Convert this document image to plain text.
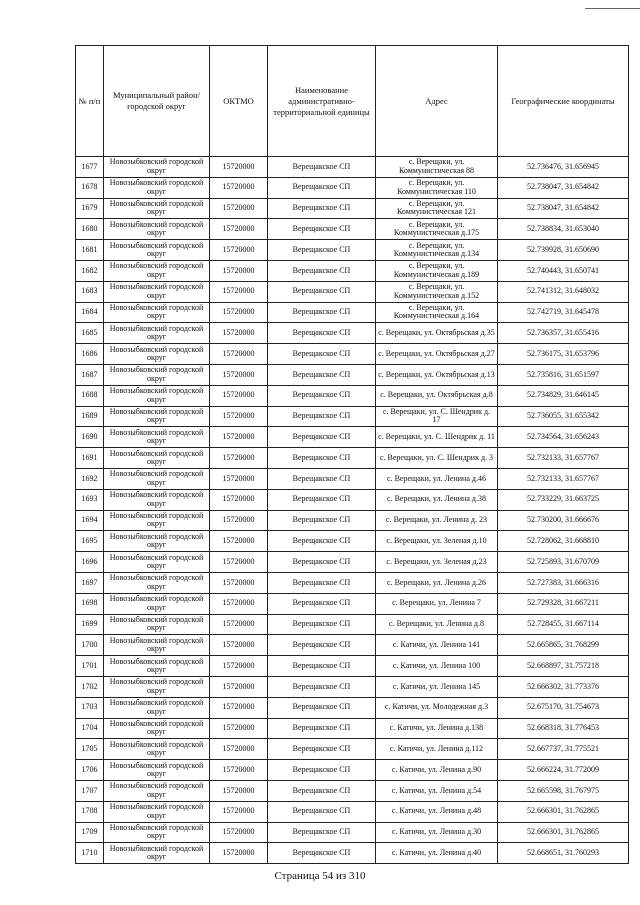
№ п/п	Муниципальный район/городской округ	ОКТМО	Наименование административно-территориальной единицы	Адрес	Географические координаты
1677	Новозыбковский городской округ	15720000	Верещакское СП	с. Верещаки, ул. Коммунистическая 88	52.736476, 31.656945
1678	Новозыбковский городской округ	15720000	Верещакское СП	с. Верещаки, ул. Коммунистическая 110	52.738047, 31.654842
1679	Новозыбковский городской округ	15720000	Верещакское СП	с. Верещаки, ул. Коммунистическая 121	52.738047, 31.654842
1680	Новозыбковский городской округ	15720000	Верещакское СП	с. Верещаки, ул. Коммунистическая д.175	52.738834, 31.653040
1681	Новозыбковский городской округ	15720000	Верещакское СП	с. Верещаки, ул. Коммунистическая д.134	52.739928, 31.650690
1682	Новозыбковский городской округ	15720000	Верещакское СП	с. Верещаки, ул. Коммунистическая д.189	52.740443, 31.650741
1683	Новозыбковский городской округ	15720000	Верещакское СП	с. Верещаки, ул. Коммунистическая д.152	52.741312, 31.648032
1684	Новозыбковский городской округ	15720000	Верещакское СП	с. Верещаки, ул. Коммунистическая д.164	52.742719, 31.645478
1685	Новозыбковский городской округ	15720000	Верещакское СП	с. Верещаки, ул. Октябрьская д.35	52.736357, 31.655416
1686	Новозыбковский городской округ	15720000	Верещакское СП	с. Верещаки, ул. Октябрьская д.27	52.736175, 31.653796
1687	Новозыбковский городской округ	15720000	Верещакское СП	с. Верещаки, ул. Октябрьская д.13	52.735816, 31.651597
1688	Новозыбковский городской округ	15720000	Верещакское СП	с. Верещаки, ул. Октябрьская д.8	52.734829, 31.646145
1689	Новозыбковский городской округ	15720000	Верещакское СП	с. Верещаки, ул. С. Шендрик д. 17	52.736055, 31.655342
1690	Новозыбковский городской округ	15720000	Верещакское СП	с. Верещаки, ул. С. Шендрик д. 11	52.734564, 31.656243
1691	Новозыбковский городской округ	15720000	Верещакское СП	с. Верещаки, ул. С. Шендрик д. 3	52.732133, 31.657767
1692	Новозыбковский городской округ	15720000	Верещакское СП	с. Верещаки, ул. Ленина д.46	52.732133, 31.657767
1693	Новозыбковский городской округ	15720000	Верещакское СП	с. Верещаки, ул. Ленина д.38	52.733229, 31.663725
1694	Новозыбковский городской округ	15720000	Верещакское СП	с. Верещаки, ул. Ленина д. 23	52.730200, 31.666676
1695	Новозыбковский городской округ	15720000	Верещакское СП	с. Верещаки, ул. Зеленая д.10	52.728062, 31.668810
1696	Новозыбковский городской округ	15720000	Верещакское СП	с. Верещаки, ул. Зеленая д.23	52.725893, 31.670709
1697	Новозыбковский городской округ	15720000	Верещакское СП	с. Верещаки, ул. Ленина д.26	52.727383, 31.666316
1698	Новозыбковский городской округ	15720000	Верещакское СП	с. Верещаки, ул. Ленина 7	52.729328, 31.667211
1699	Новозыбковский городской округ	15720000	Верещакское СП	с. Верещаки, ул. Ленина д.8	52.728455, 31.667114
1700	Новозыбковский городской округ	15720000	Верещакское СП	с. Катичи, ул. Ленина 141	52.665865, 31.768299
1701	Новозыбковский городской округ	15720000	Верещакское СП	с. Катичи, ул. Ленина 100	52.668897, 31.757218
1702	Новозыбковский городской округ	15720000	Верещакское СП	с. Катичи, ул. Ленина 145	52.666302, 31.773376
1703	Новозыбковский городской округ	15720000	Верещакское СП	с. Катичи, ул. Молодежная д.3	52.675170, 31.754673
1704	Новозыбковский городской округ	15720000	Верещакское СП	с. Катичи, ул. Ленина д.138	52.668318, 31.776453
1705	Новозыбковский городской округ	15720000	Верещакское СП	с. Катичи, ул. Ленина д.112	52.667737, 31.775521
1706	Новозыбковский городской округ	15720000	Верещакское СП	с. Катичи, ул. Ленина д.90	52.666224, 31.772009
1707	Новозыбковский городской округ	15720000	Верещакское СП	с. Катичи, ул. Ленина д.54	52.665598, 31.767975
1708	Новозыбковский городской округ	15720000	Верещакское СП	с. Катичи, ул. Ленина д.48	52.666301, 31.762865
1709	Новозыбковский городской округ	15720000	Верещакское СП	с. Катичи, ул. Ленина д.30	52.666301, 31.762865
1710	Новозыбковский городской округ	15720000	Верещакское СП	с. Катичи, ул. Ленина д.40	52.668651, 31.760293
Страница 54 из 310
